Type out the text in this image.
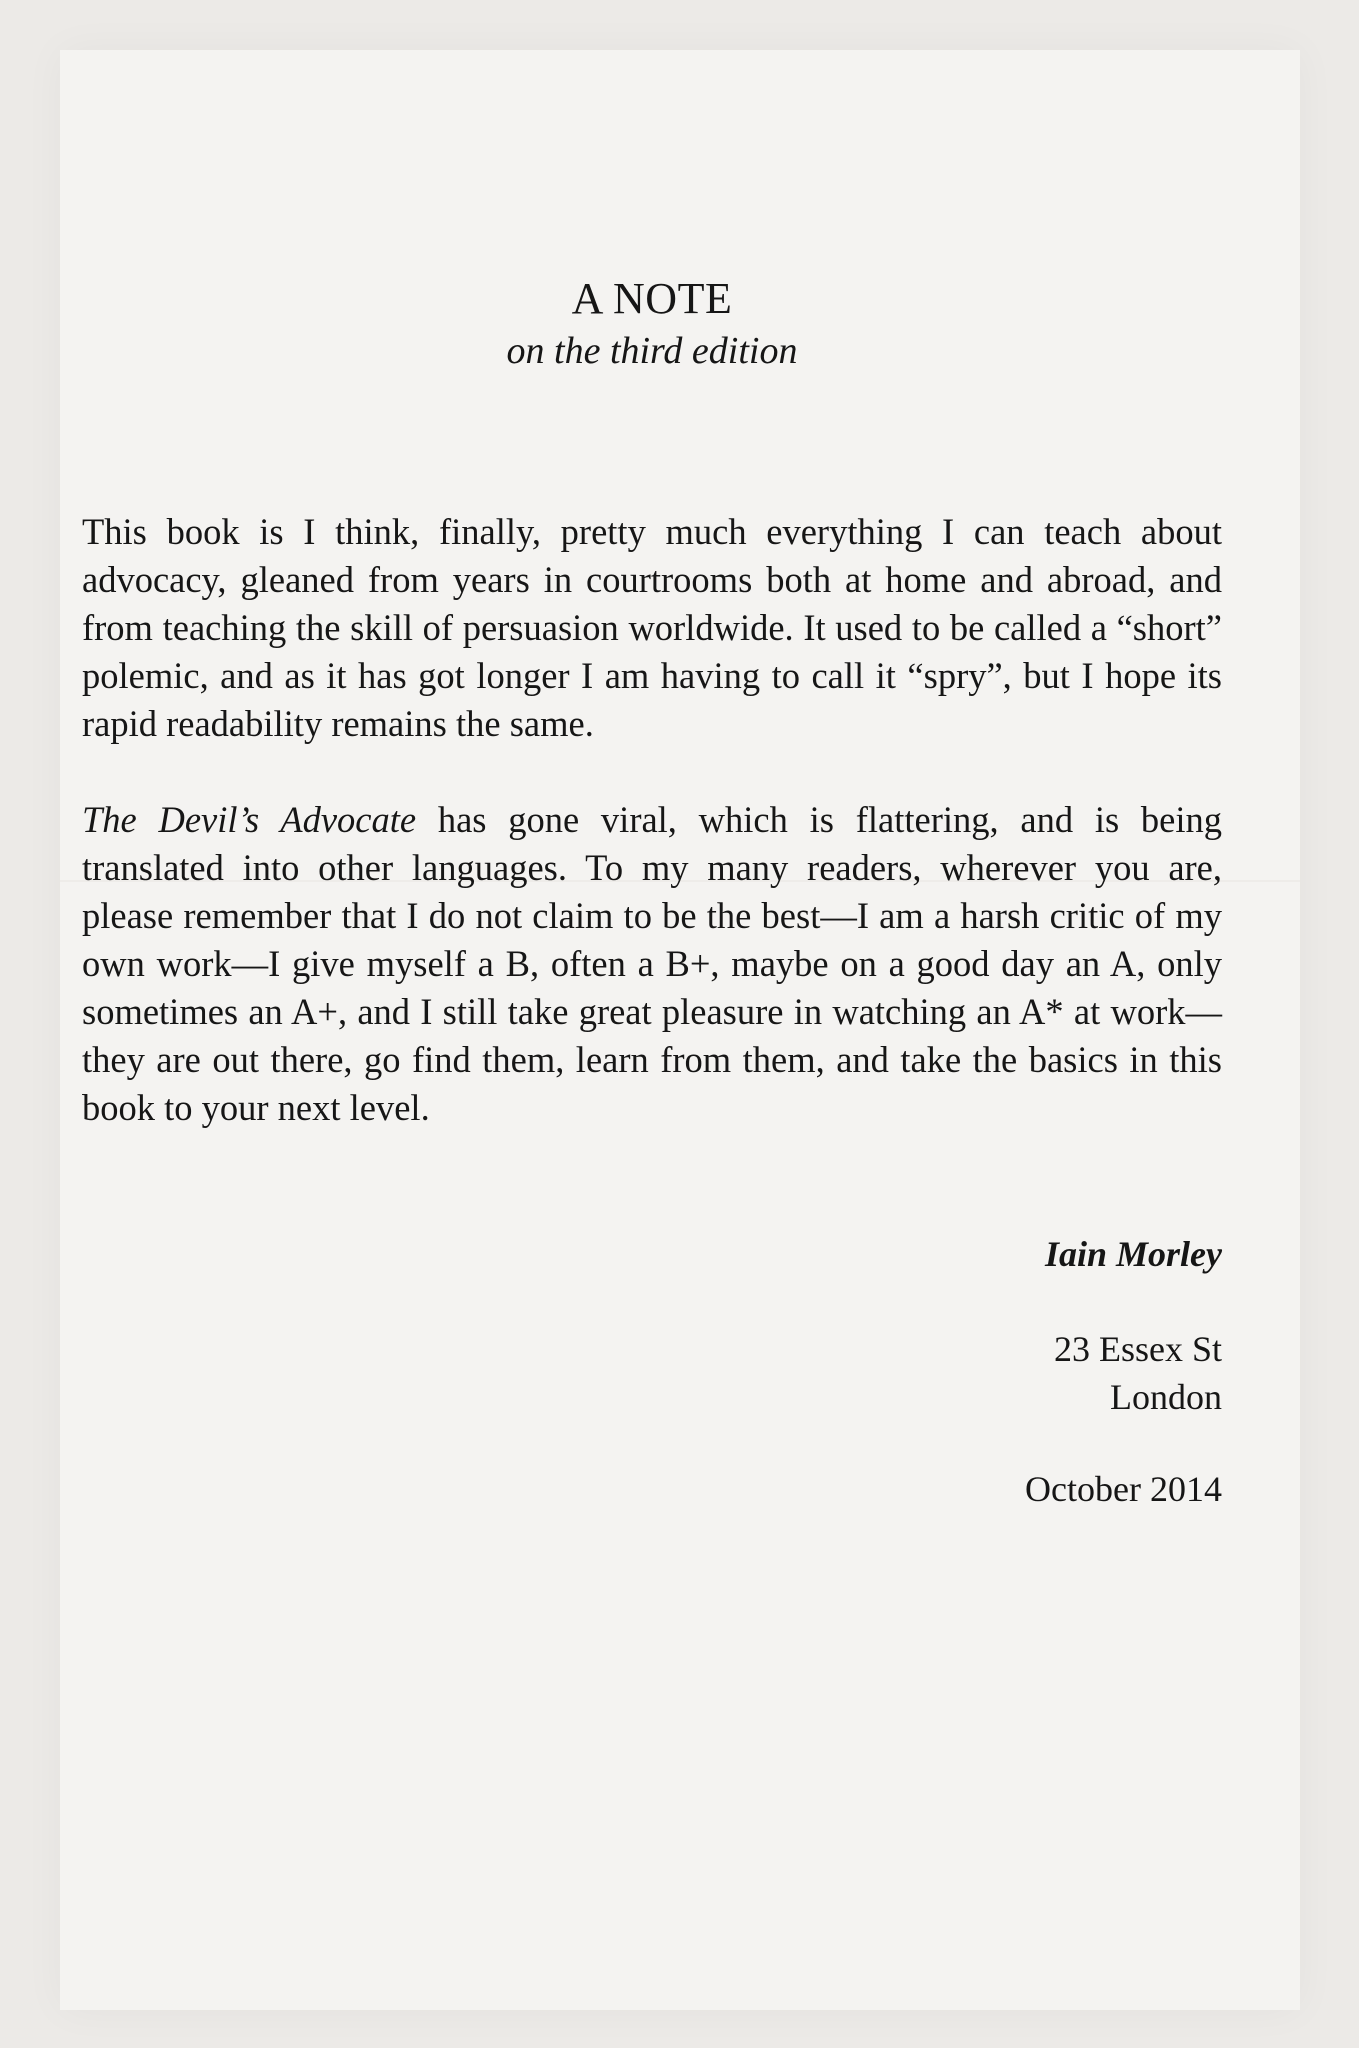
A NOTE
on the third edition

This book is I think, finally, pretty much everything I can teach about advocacy, gleaned from years in courtrooms both at home and abroad, and from teaching the skill of persuasion worldwide. It used to be called a “short” polemic, and as it has got longer I am having to call it “spry”, but I hope its rapid readability remains the same.

The Devil’s Advocate has gone viral, which is flattering, and is being translated into other languages. To my many readers, wherever you are, please remember that I do not claim to be the best—I am a harsh critic of my own work—I give myself a B, often a B+, maybe on a good day an A, only sometimes an A+, and I still take great pleasure in watching an A* at work—they are out there, go find them, learn from them, and take the basics in this book to your next level.

Iain Morley
23 Essex St
London
October 2014
